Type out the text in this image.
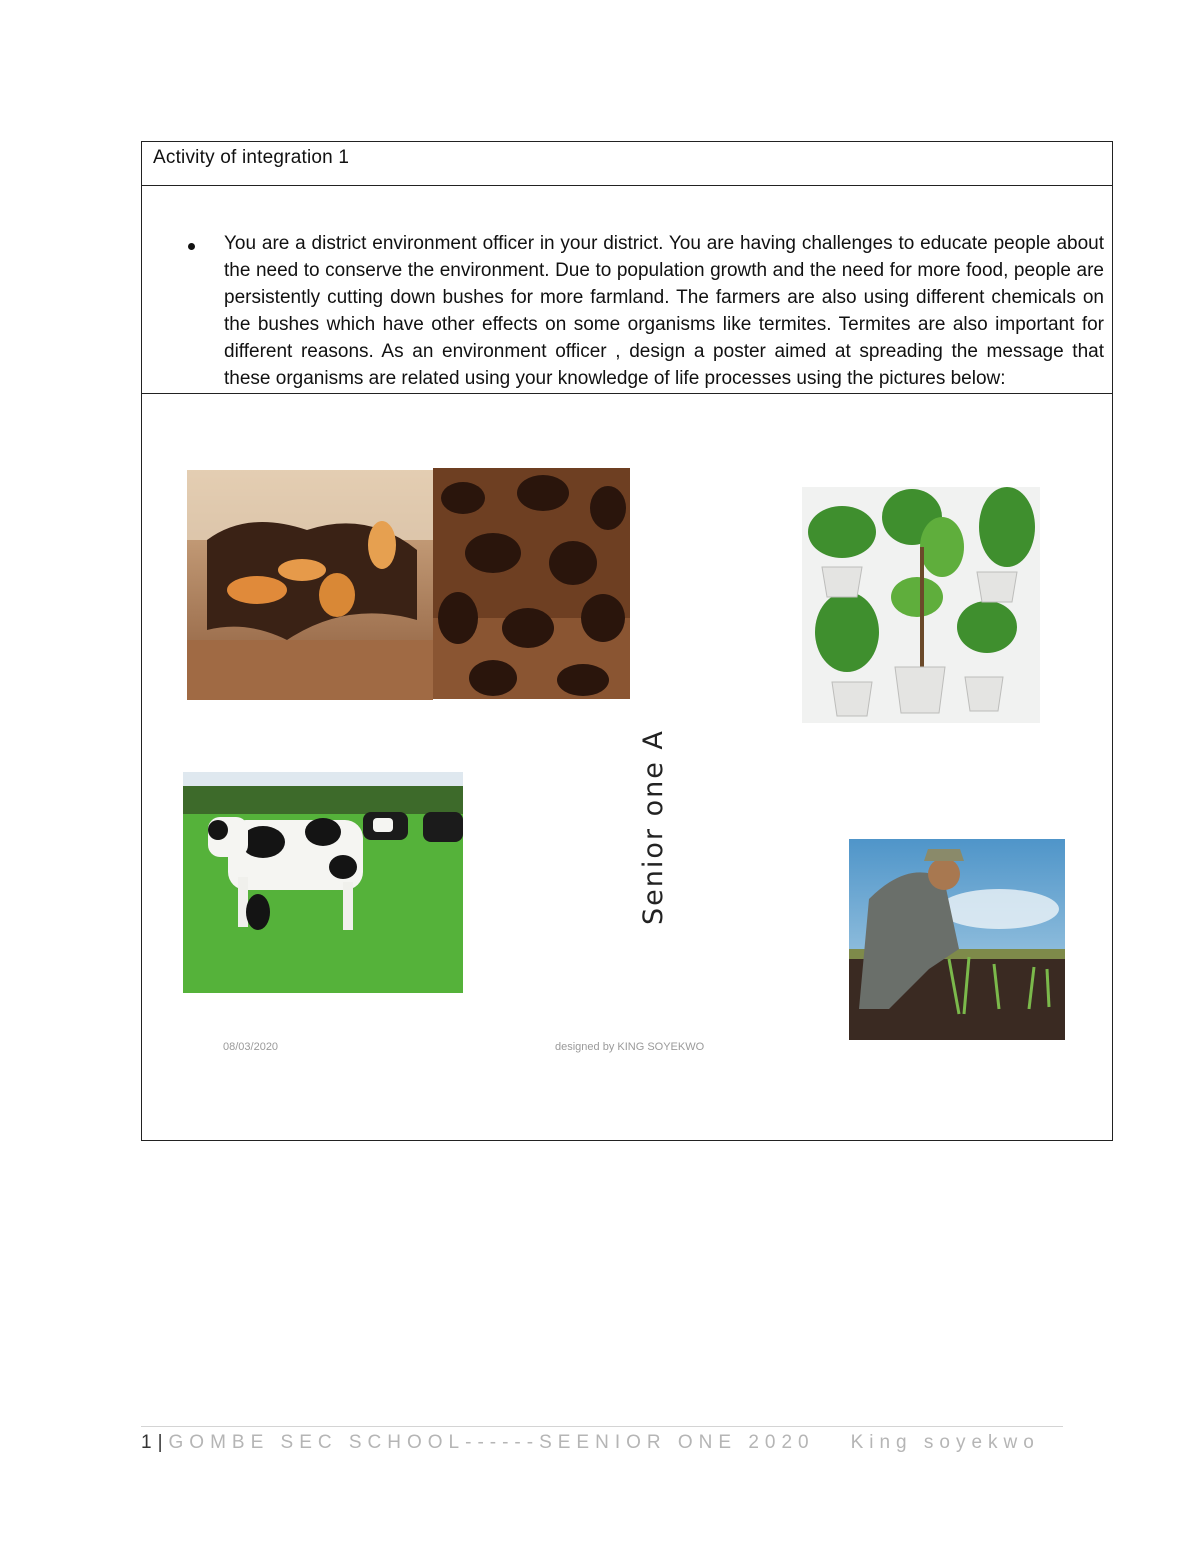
Activity of integration 1
You are a district environment officer in your district. You are having challenges to educate people about the need to conserve the environment. Due to population growth and the need for more food, people are persistently cutting down bushes for more farmland. The farmers are also using different chemicals on the bushes which have other effects on some organisms like termites. Termites are also important for different reasons. As an environment officer , design a poster aimed at spreading the message that these organisms are related using your knowledge of life processes using the pictures below:
Senior one A
08/03/2020	designed by KING SOYEKWO
1|GOMBE SEC SCHOOL------SEENIOR ONE 2020 King soyekwo
